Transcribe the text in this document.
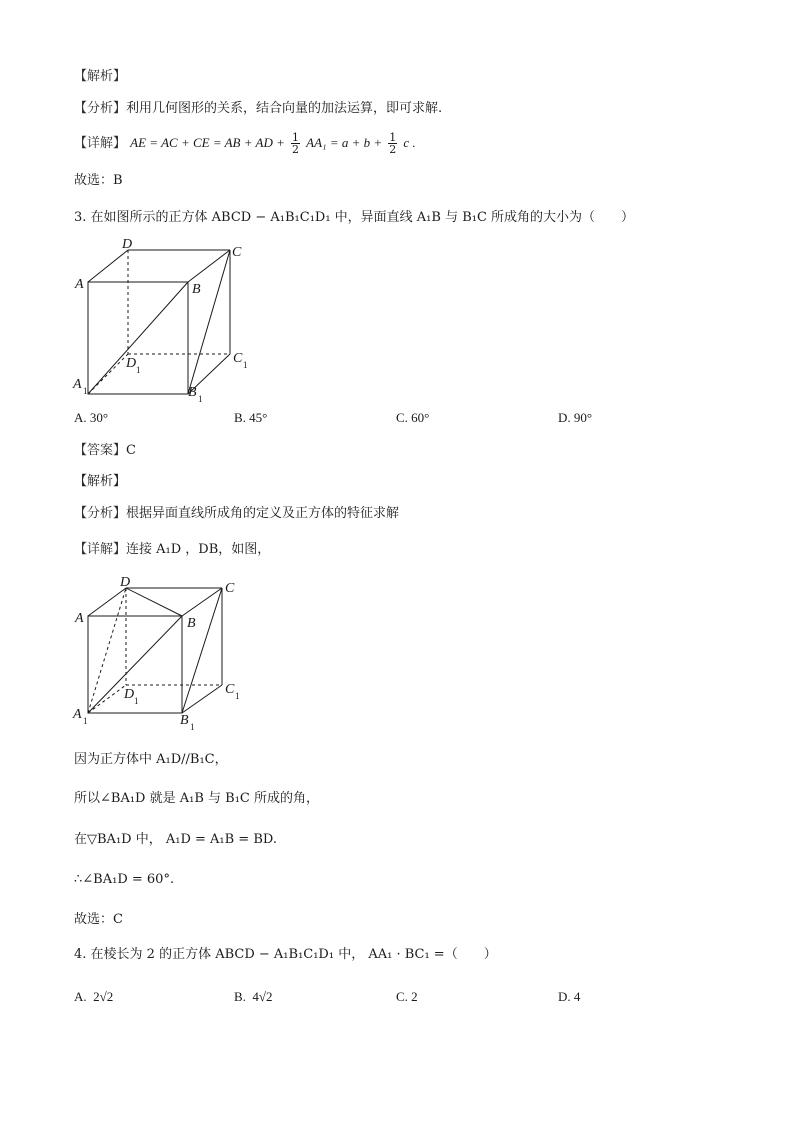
【解析】
【分析】利用几何图形的关系，结合向量的加法运算，即可求解.
【详解】 AE = AC + CE = AB + AD + $\frac{1}{2} AA_1 = a + b + \frac{1}{2}$ c .
故选：B
3. 在如图所示的正方体 ABCD − A₁B₁C₁D₁ 中，异面直线 A₁B 与 B₁C 所成角的大小为（　　）
D
C
A	B
C 1
D 1
A 1	B 1
A. 30°	B. 45°	C. 60°	D. 90°
【答案】C
【解析】
【分析】根据异面直线所成角的定义及正方体的特征求解
【详解】连接 A₁D ，DB，如图，
D	C
A	B
C 1
D 1
A 1	B 1
因为正方体中 A₁D//B₁C，
所以∠BA₁D 就是 A₁B 与 B₁C 所成的角，
在▽BA₁D 中， A₁D = A₁B = BD.
∴∠BA₁D = 60°.
故选：C
4. 在棱长为 2 的正方体 ABCD − A₁B₁C₁D₁ 中， AA₁ · BC₁ =（　　）
A. 2√2	B. 4√2	C. 2	D. 4
